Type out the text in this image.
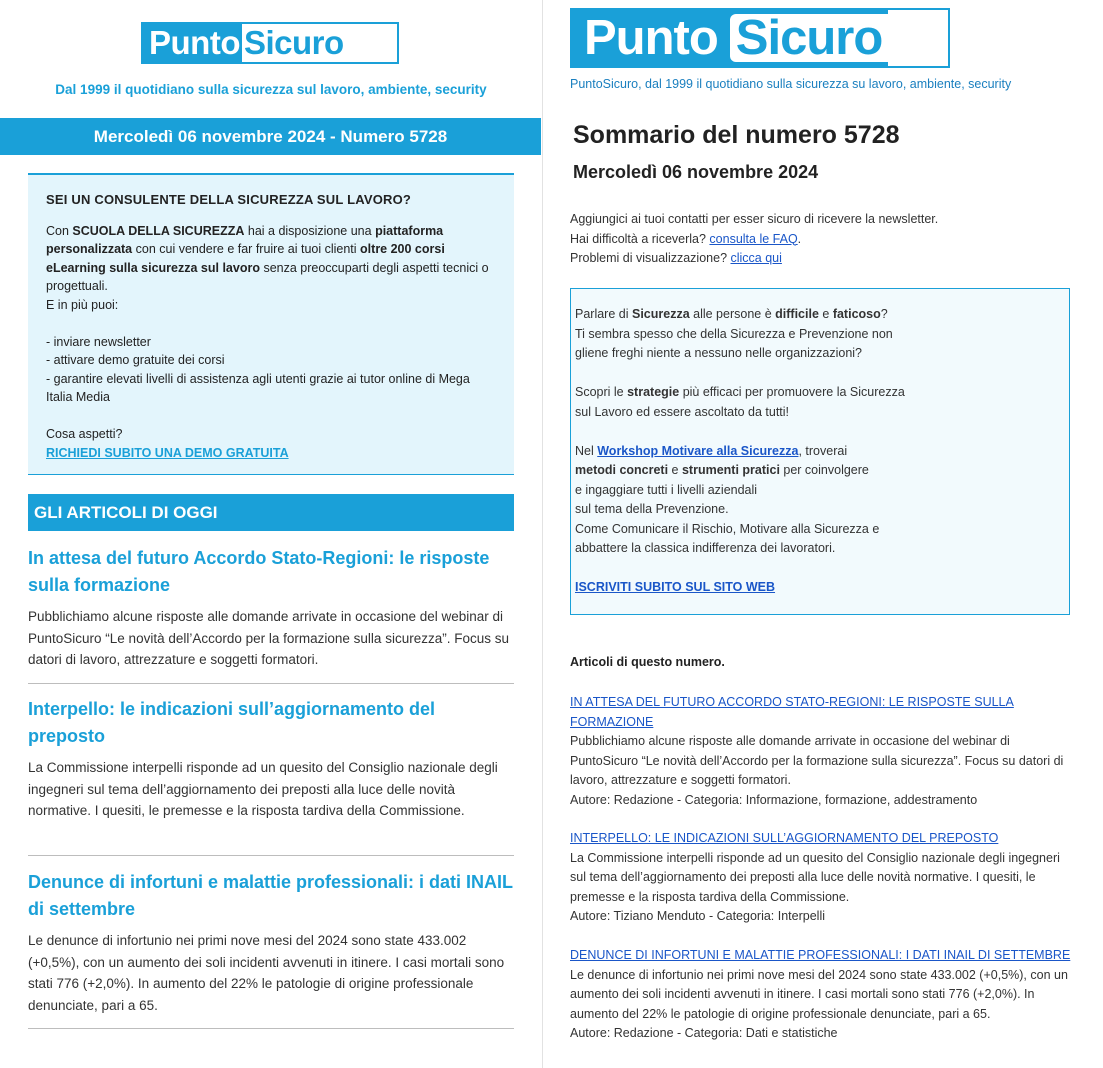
Punto Sicuro
Dal 1999 il quotidiano sulla sicurezza sul lavoro, ambiente, security
Mercoledì 06 novembre 2024 - Numero 5728
SEI UN CONSULENTE DELLA SICUREZZA SUL LAVORO?

Con SCUOLA DELLA SICUREZZA hai a disposizione una piattaforma personalizzata con cui vendere e far fruire ai tuoi clienti oltre 200 corsi eLearning sulla sicurezza sul lavoro senza preoccuparti degli aspetti tecnici o progettuali.

E in più puoi:

- inviare newsletter

- attivare demo gratuite dei corsi

- garantire elevati livelli di assistenza agli utenti grazie ai tutor online di Mega Italia Media

Cosa aspetti?

RICHIEDI SUBITO UNA DEMO GRATUITA
GLI ARTICOLI DI OGGI
In attesa del futuro Accordo Stato-Regioni: le risposte sulla formazione

Pubblichiamo alcune risposte alle domande arrivate in occasione del webinar di PuntoSicuro “Le novità dell’Accordo per la formazione sulla sicurezza”. Focus su datori di lavoro, attrezzature e soggetti formatori.

Interpello: le indicazioni sull’aggiornamento del preposto

La Commissione interpelli risponde ad un quesito del Consiglio nazionale degli ingegneri sul tema dell’aggiornamento dei preposti alla luce delle novità normative. I quesiti, le premesse e la risposta tardiva della Commissione.

Denunce di infortuni e malattie professionali: i dati INAIL di settembre

Le denunce di infortunio nei primi nove mesi del 2024 sono state 433.002 (+0,5%), con un aumento dei soli incidenti avvenuti in itinere. I casi mortali sono stati 776 (+2,0%). In aumento del 22% le patologie di origine professionale denunciate, pari a 65.

Punto Sicuro
PuntoSicuro, dal 1999 il quotidiano sulla sicurezza su lavoro, ambiente, security
Sommario del numero 5728
Mercoledì 06 novembre 2024
Aggiungici ai tuoi contatti per esser sicuro di ricevere la newsletter.
Hai difficoltà a riceverla? consulta le FAQ.
Problemi di visualizzazione? clicca qui

Parlare di Sicurezza alle persone è difficile e faticoso?

Ti sembra spesso che della Sicurezza e Prevenzione non

gliene freghi niente a nessuno nelle organizzazioni?

Scopri le strategie più efficaci per promuovere la Sicurezza

sul Lavoro ed essere ascoltato da tutti!

Nel Workshop Motivare alla Sicurezza, troverai

metodi concreti e strumenti pratici per coinvolgere

e ingaggiare tutti i livelli aziendali

sul tema della Prevenzione.

Come Comunicare il Rischio, Motivare alla Sicurezza e

abbattere la classica indifferenza dei lavoratori.

ISCRIVITI SUBITO SUL SITO WEB
Articoli di questo numero.
IN ATTESA DEL FUTURO ACCORDO STATO-REGIONI: LE RISPOSTE SULLA FORMAZIONE
Pubblichiamo alcune risposte alle domande arrivate in occasione del webinar di PuntoSicuro “Le novità dell’Accordo per la formazione sulla sicurezza”. Focus su datori di lavoro, attrezzature e soggetti formatori.
Autore: Redazione - Categoria: Informazione, formazione, addestramento
INTERPELLO: LE INDICAZIONI SULL’AGGIORNAMENTO DEL PREPOSTO
La Commissione interpelli risponde ad un quesito del Consiglio nazionale degli ingegneri sul tema dell’aggiornamento dei preposti alla luce delle novità normative. I quesiti, le premesse e la risposta tardiva della Commissione.
Autore: Tiziano Menduto - Categoria: Interpelli
DENUNCE DI INFORTUNI E MALATTIE PROFESSIONALI: I DATI INAIL DI SETTEMBRE
Le denunce di infortunio nei primi nove mesi del 2024 sono state 433.002 (+0,5%), con un aumento dei soli incidenti avvenuti in itinere. I casi mortali sono stati 776 (+2,0%). In aumento del 22% le patologie di origine professionale denunciate, pari a 65.
Autore: Redazione - Categoria: Dati e statistiche
